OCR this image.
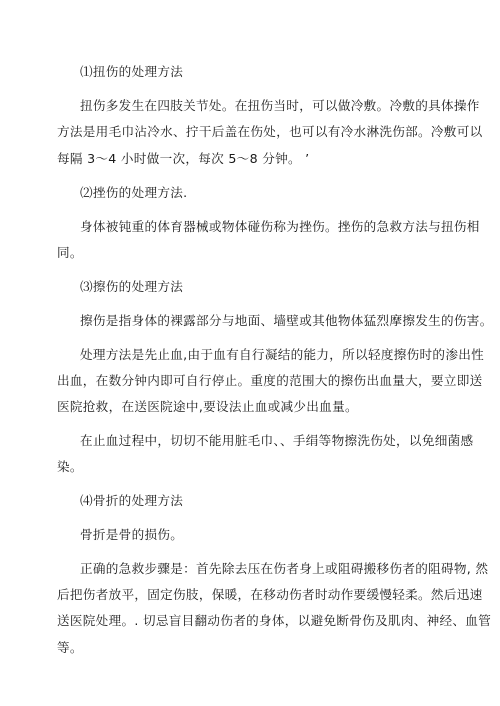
⑴扭伤的处理方法

扭伤多发生在四肢关节处。在扭伤当时，可以做冷敷。冷敷的具体操作

方法是用毛巾沾冷水、拧干后盖在伤处，也可以有冷水淋洗伤部。冷敷可以

每隔 3～4 小时做一次，每次 5～8 分钟。 ’

⑵挫伤的处理方法.

身体被钝重的体育器械或物体碰伤称为挫伤。挫伤的急救方法与扭伤相

同。

⑶擦伤的处理方法

擦伤是指身体的裸露部分与地面、墙壁或其他物体猛烈摩擦发生的伤害。

处理方法是先止血,由于血有自行凝结的能力，所以轻度擦伤时的渗出性

出血，在数分钟内即可自行停止。重度的范围大的擦伤出血量大，要立即送

医院抢救，在送医院途中,要设法止血或减少出血量。

在止血过程中，切切不能用脏毛巾、、手绢等物擦洗伤处，以免细菌感

染。

⑷骨折的处理方法

骨折是骨的损伤。

正确的急救步骤是：首先除去压在伤者身上或阻碍搬移伤者的阻碍物, 然

后把伤者放平，固定伤肢，保暖，在移动伤者时动作要缓慢轻柔。然后迅速

送医院处理。. 切忌盲目翻动伤者的身体，以避免断骨伤及肌肉、神经、血管

等。
